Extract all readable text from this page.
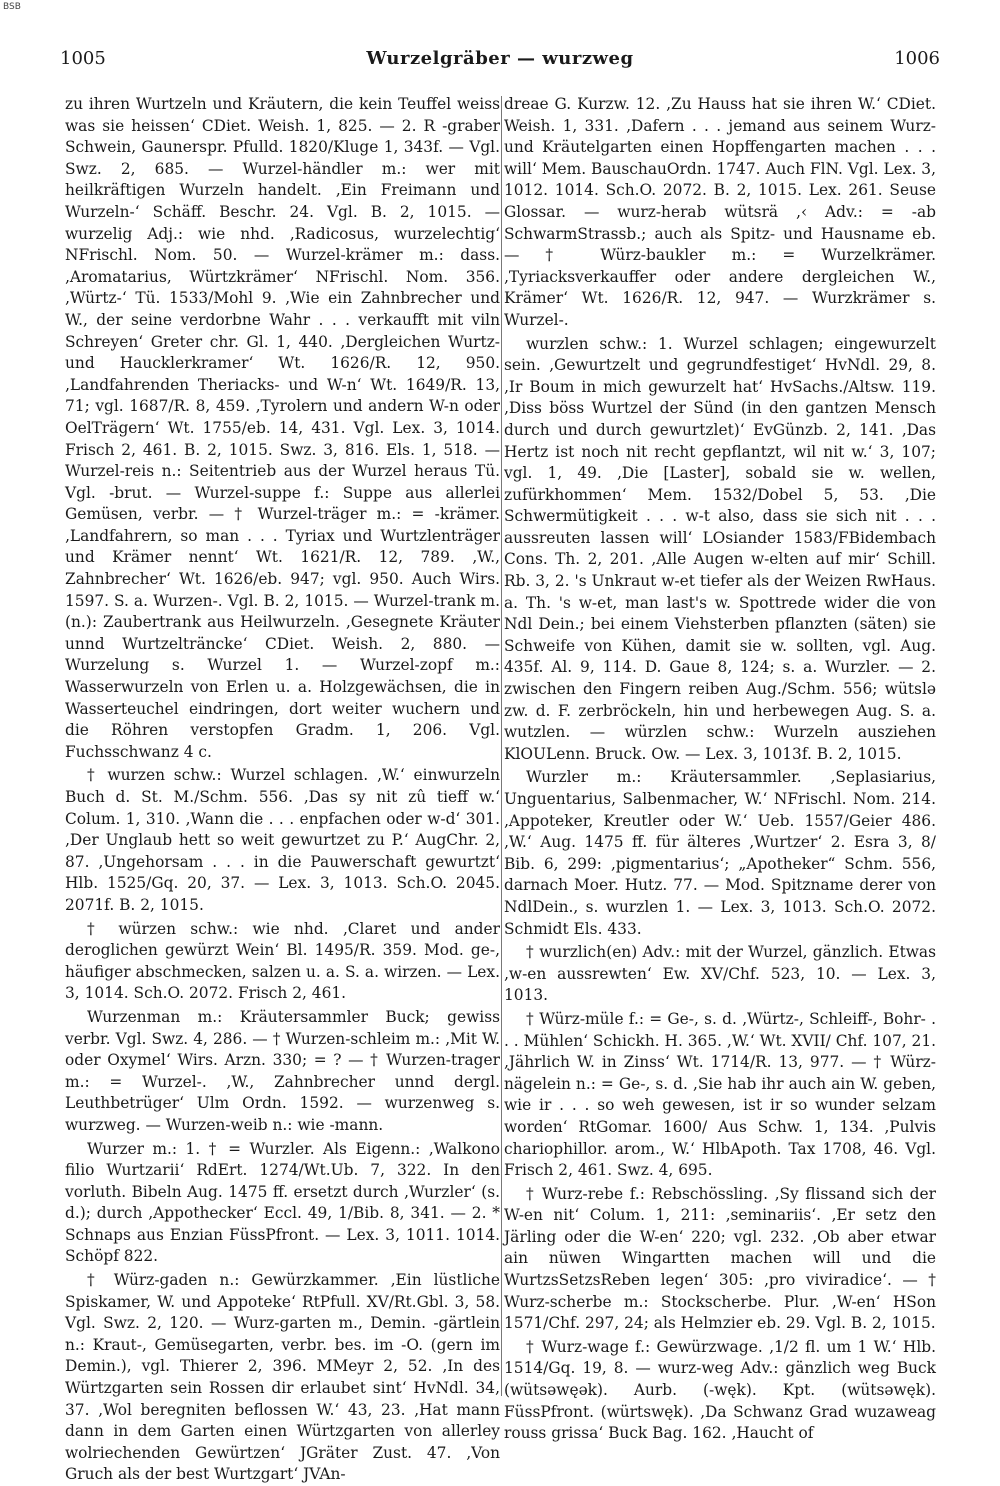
BSB
1005	Wurzelgräber — wurzweg	1006

zu ihren Wurtzeln und Kräutern, die kein Teuffel weiss was sie heissen‘ CDiet. Weish. 1, 825. — 2. R -graber Schwein, Gaunerspr. Pfulld. 1820/Kluge 1, 343f. — Vgl. Swz. 2, 685. — Wurzel-händler m.: wer mit heilkräftigen Wurzeln handelt. ‚Ein Freimann und Wurzeln-‘ Schäff. Beschr. 24. Vgl. B. 2, 1015. — wurzelig Adj.: wie nhd. ‚Radicosus, wurzelechtig‘ NFrischl. Nom. 50. — Wurzel-krämer m.: dass. ‚Aromatarius, Würtzkrämer‘ NFrischl. Nom. 356. ‚Würtz-‘ Tü. 1533/Mohl 9. ‚Wie ein Zahnbrecher und W., der seine verdorbne Wahr . . . verkaufft mit viln Schreyen‘ Greter chr. Gl. 1, 440. ‚Dergleichen Wurtz- und Haucklerkramer‘ Wt. 1626/R. 12, 950. ‚Landfahrenden Theriacks- und W-n‘ Wt. 1649/R. 13, 71; vgl. 1687/R. 8, 459. ‚Tyrolern und andern W-n oder OelTrägern‘ Wt. 1755/eb. 14, 431. Vgl. Lex. 3, 1014. Frisch 2, 461. B. 2, 1015. Swz. 3, 816. Els. 1, 518. — Wurzel-reis n.: Seitentrieb aus der Wurzel heraus Tü. Vgl. -brut. — Wurzel-suppe f.: Suppe aus allerlei Gemüsen, verbr. — † Wurzel-träger m.: = -krämer. ‚Landfahrern, so man . . . Tyriax und Wurtzlenträger und Krämer nennt‘ Wt. 1621/R. 12, 789. ‚W., Zahnbrecher‘ Wt. 1626/eb. 947; vgl. 950. Auch Wirs. 1597. S. a. Wurzen-. Vgl. B. 2, 1015. — Wurzel-trank m. (n.): Zaubertrank aus Heilwurzeln. ‚Gesegnete Kräuter unnd Wurtzelträncke‘ CDiet. Weish. 2, 880. — Wurzelung s. Wurzel 1. — Wurzel-zopf m.: Wasserwurzeln von Erlen u. a. Holzgewächsen, die in Wasserteuchel eindringen, dort weiter wuchern und die Röhren verstopfen Gradm. 1, 206. Vgl. Fuchsschwanz 4 c.

† wurzen schw.: Wurzel schlagen. ‚W.‘ einwurzeln Buch d. St. M./Schm. 556. ‚Das sy nit zû tieff w.‘ Colum. 1, 310. ‚Wann die . . . enpfachen oder w-d‘ 301. ‚Der Unglaub hett so weit gewurtzet zu P.‘ AugChr. 2, 87. ‚Ungehorsam . . . in die Pauwerschaft gewurtzt‘ Hlb. 1525/Gq. 20, 37. — Lex. 3, 1013. Sch.O. 2045. 2071f. B. 2, 1015.

† würzen schw.: wie nhd. ‚Claret und ander deroglichen gewürzt Wein‘ Bl. 1495/R. 359. Mod. ge-, häufiger abschmecken, salzen u. a. S. a. wirzen. — Lex. 3, 1014. Sch.O. 2072. Frisch 2, 461.

Wurzenman m.: Kräutersammler Buck; gewiss verbr. Vgl. Swz. 4, 286. — † Wurzen-schleim m.: ‚Mit W. oder Oxymel‘ Wirs. Arzn. 330; = ? — † Wurzen-trager m.: = Wurzel-. ‚W., Zahnbrecher unnd dergl. Leuthbetrüger‘ Ulm Ordn. 1592. — wurzenweg s. wurzweg. — Wurzen-weib n.: wie -mann.

Wurzer m.: 1. † = Wurzler. Als Eigenn.: ‚Walkono filio Wurtzarii‘ RdErt. 1274/Wt.Ub. 7, 322. In den vorluth. Bibeln Aug. 1475 ff. ersetzt durch ‚Wurzler‘ (s. d.); durch ‚Appothecker‘ Eccl. 49, 1/Bib. 8, 341. — 2. * Schnaps aus Enzian FüssPfront. — Lex. 3, 1011. 1014. Schöpf 822.

† Würz-gaden n.: Gewürzkammer. ‚Ein lüstliche Spiskamer, W. und Appoteke‘ RtPfull. XV/Rt.Gbl. 3, 58. Vgl. Swz. 2, 120. — Wurz-garten m., Demin. -gärtlein n.: Kraut-, Gemüsegarten, verbr. bes. im -O. (gern im Demin.), vgl. Thierer 2, 396. MMeyr 2, 52. ‚In des Würtzgarten sein Rossen dir erlaubet sint‘ HvNdl. 34, 37. ‚Wol beregniten beflossen W.‘ 43, 23. ‚Hat mann dann in dem Garten einen Würtzgarten von allerley wolriechenden Gewürtzen‘ JGräter Zust. 47. ‚Von Gruch als der best Wurtzgart‘ JVAn-

dreae G. Kurzw. 12. ‚Zu Hauss hat sie ihren W.‘ CDiet. Weish. 1, 331. ‚Dafern . . . jemand aus seinem Wurz- und Kräutelgarten einen Hopffengarten machen . . . will‘ Mem. BauschauOrdn. 1747. Auch FlN. Vgl. Lex. 3, 1012. 1014. Sch.O. 2072. B. 2, 1015. Lex. 261. Seuse Glossar. — wurz-herab wütsrä ,‹ Adv.: = -ab SchwarmStrassb.; auch als Spitz- und Hausname eb. — † Würz-baukler m.: = Wurzelkrämer. ‚Tyriacksverkauffer oder andere dergleichen W., Krämer‘ Wt. 1626/R. 12, 947. — Wurzkrämer s. Wurzel-.

wurzlen schw.: 1. Wurzel schlagen; eingewurzelt sein. ‚Gewurtzelt und gegrundfestiget‘ HvNdl. 29, 8. ‚Ir Boum in mich gewurzelt hat‘ HvSachs./Altsw. 119. ‚Diss böss Wurtzel der Sünd (in den gantzen Mensch durch und durch gewurtzlet)‘ EvGünzb. 2, 141. ‚Das Hertz ist noch nit recht gepflantzt, wil nit w.‘ 3, 107; vgl. 1, 49. ‚Die [Laster], sobald sie w. wellen, zufürkhommen‘ Mem. 1532/Dobel 5, 53. ‚Die Schwermütigkeit . . . w-t also, dass sie sich nit . . . aussreuten lassen will‘ LOsiander 1583/FBidembach Cons. Th. 2, 201. ‚Alle Augen w-elten auf mir‘ Schill. Rb. 3, 2. 's Unkraut w-et tiefer als der Weizen RwHaus. a. Th. 's w-et, man last's w. Spottrede wider die von Ndl Dein.; bei einem Viehsterben pflanzten (säten) sie Schweife von Kühen, damit sie w. sollten, vgl. Aug. 435f. Al. 9, 114. D. Gaue 8, 124; s. a. Wurzler. — 2. zwischen den Fingern reiben Aug./Schm. 556; wütslə zw. d. F. zerbröckeln, hin und herbewegen Aug. S. a. wutzlen. — würzlen schw.: Wurzeln ausziehen KlOULenn. Bruck. Ow. — Lex. 3, 1013f. B. 2, 1015.

Wurzler m.: Kräutersammler. ‚Seplasiarius, Unguentarius, Salbenmacher, W.‘ NFrischl. Nom. 214. ‚Appoteker, Kreutler oder W.‘ Ueb. 1557/Geier 486. ‚W.‘ Aug. 1475 ff. für älteres ‚Wurtzer‘ 2. Esra 3, 8/ Bib. 6, 299: ‚pigmentarius‘; „Apotheker“ Schm. 556, darnach Moer. Hutz. 77. — Mod. Spitzname derer von NdlDein., s. wurzlen 1. — Lex. 3, 1013. Sch.O. 2072. Schmidt Els. 433.

† wurzlich(en) Adv.: mit der Wurzel, gänzlich. Etwas ‚w-en aussrewten‘ Ew. XV/Chf. 523, 10. — Lex. 3, 1013.

† Würz-müle f.: = Ge-, s. d. ‚Würtz-, Schleiff-, Bohr- . . . Mühlen‘ Schickh. H. 365. ‚W.‘ Wt. XVII/ Chf. 107, 21. ‚Jährlich W. in Zinss‘ Wt. 1714/R. 13, 977. — † Würz-nägelein n.: = Ge-, s. d. ‚Sie hab ihr auch ain W. geben, wie ir . . . so weh gewesen, ist ir so wunder selzam worden‘ RtGomar. 1600/ Aus Schw. 1, 134. ‚Pulvis chariophillor. arom., W.‘ HlbApoth. Tax 1708, 46. Vgl. Frisch 2, 461. Swz. 4, 695.

† Wurz-rebe f.: Rebschössling. ‚Sy flissand sich der W-en nit‘ Colum. 1, 211: ‚seminariis‘. ‚Er setz den Järling oder die W-en‘ 220; vgl. 232. ‚Ob aber etwar ain nüwen Wingartten machen will und die WurtzsSetzsReben legen‘ 305: ‚pro viviradice‘. — † Wurz-scherbe m.: Stockscherbe. Plur. ‚W-en‘ HSon 1571/Chf. 297, 24; als Helmzier eb. 29. Vgl. B. 2, 1015.

† Wurz-wage f.: Gewürzwage. ‚1/2 fl. um 1 W.‘ Hlb. 1514/Gq. 19, 8. — wurz-weg Adv.: gänzlich weg Buck (wütsəwęək). Aurb. (-węk). Kpt. (wütsəwęk). FüssPfront. (würtswęk). ‚Da Schwanz Grad wuzaweag rouss grissa‘ Buck Bag. 162. ‚Haucht of
